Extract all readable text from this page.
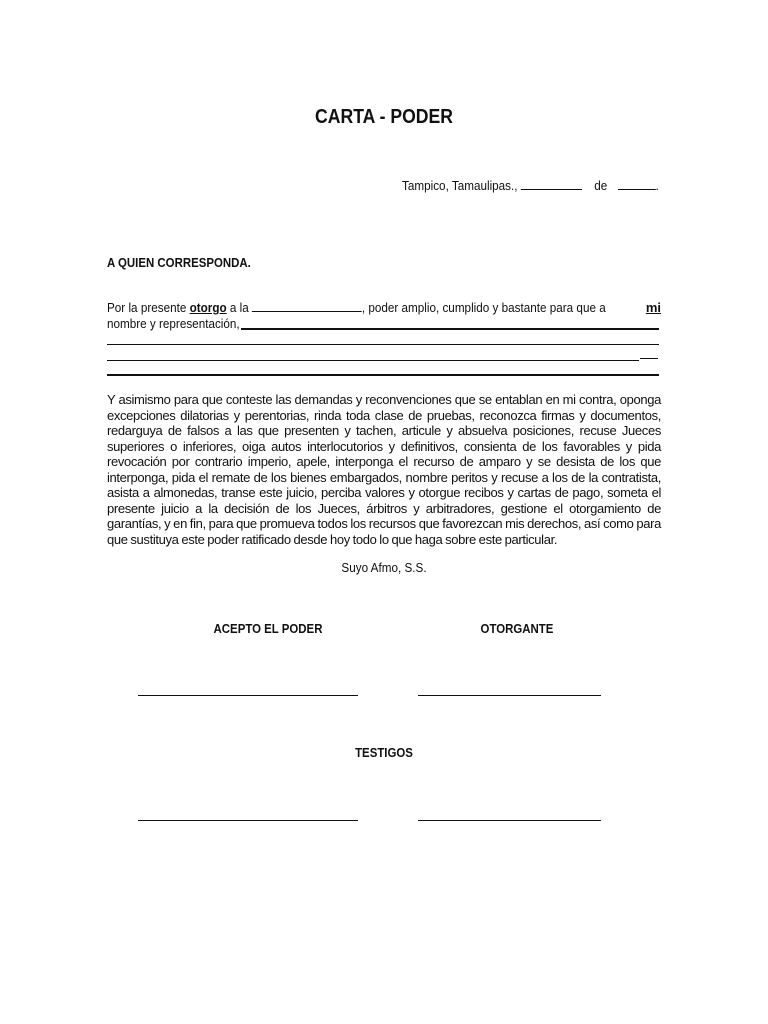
CARTA - PODER
Tampico, Tamaulipas.,	de	.
A QUIEN CORRESPONDA.
Por la presente otorgo a la	, poder amplio, cumplido y bastante para que a	mi
nombre y representación,
Y asimismo para que conteste las demandas y reconvenciones que se entablan en mi contra, oponga excepciones dilatorias y perentorias, rinda toda clase de pruebas, reconozca firmas y documentos, redarguya de falsos a las que presenten y tachen, articule y absuelva posiciones, recuse Jueces superiores o inferiores, oiga autos interlocutorios y definitivos, consienta de los favorables y pida revocación por contrario imperio, apele, interponga el recurso de amparo y se desista de los que interponga, pida el remate de los bienes embargados, nombre peritos y recuse a los de la contratista, asista a almonedas, transe este juicio, perciba valores y otorgue recibos y cartas de pago, someta el presente juicio a la decisión de los Jueces, árbitros y arbitradores, gestione el otorgamiento de garantías, y en fin, para que promueva todos los recursos que favorezcan mis derechos, así como para que sustituya este poder ratificado desde hoy todo lo que haga sobre este particular.
Suyo Afmo, S.S.
ACEPTO EL PODER	OTORGANTE
TESTIGOS
